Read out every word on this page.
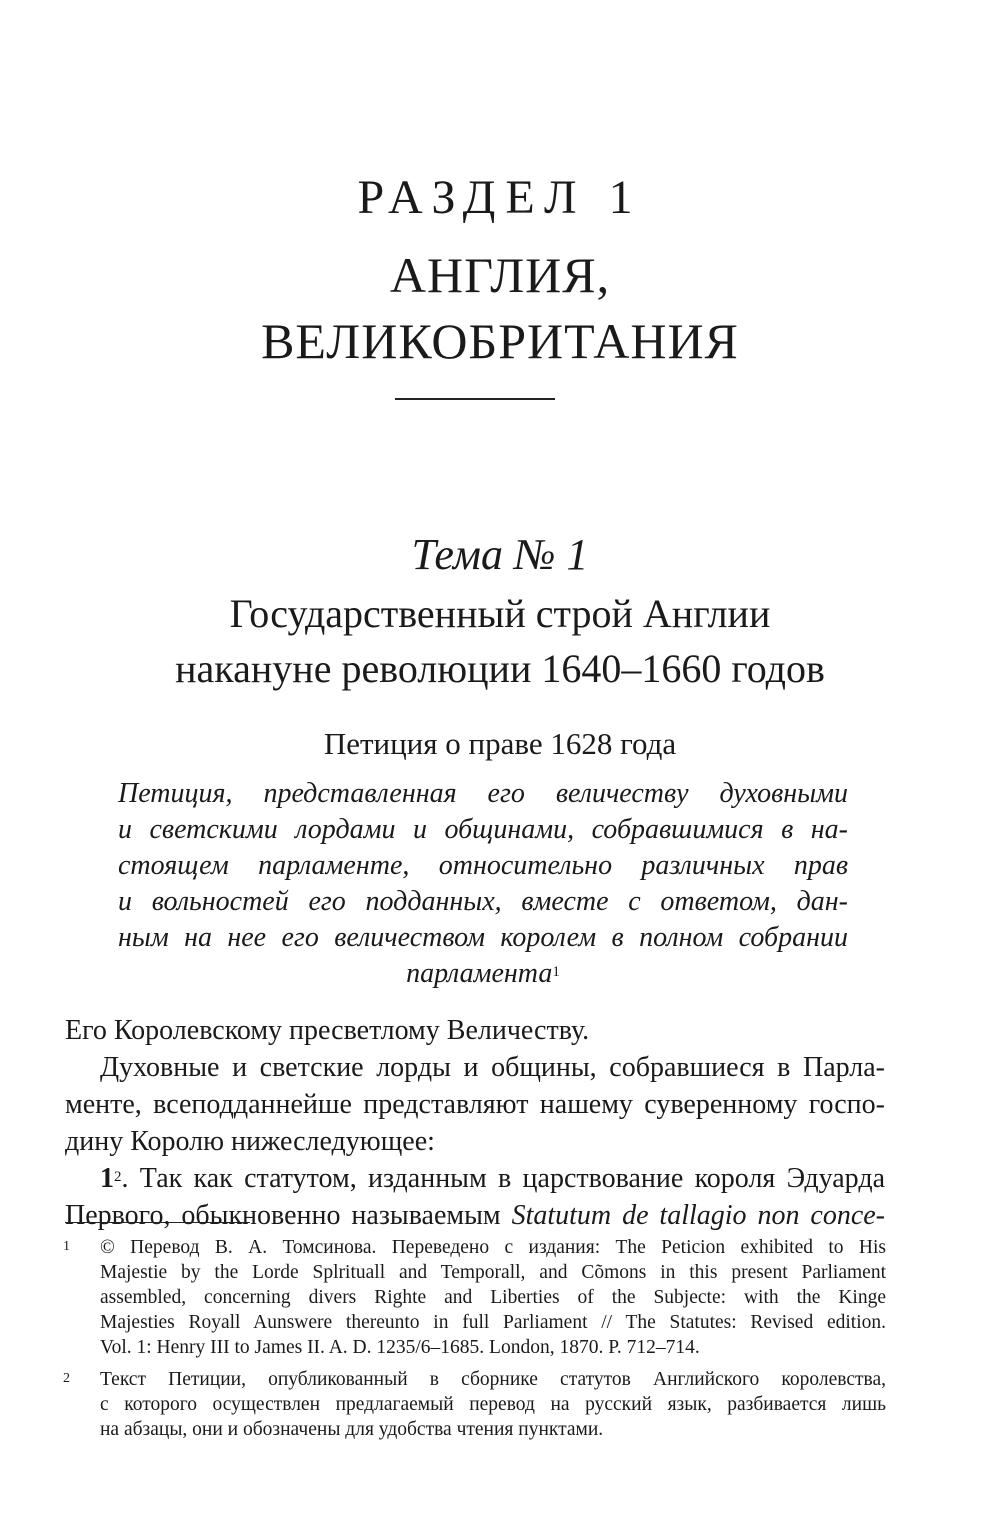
РАЗДЕЛ 1
АНГЛИЯ,
ВЕЛИКОБРИТАНИЯ
Тема № 1
Государственный строй Англии
накануне революции 1640–1660 годов
Петиция о праве 1628 года
Петиция, представленная его величеству духовными
и светскими лордами и общинами, собравшимися в на-
стоящем парламенте, относительно различных прав
и вольностей его подданных, вместе с ответом, дан-
ным на нее его величеством королем в полном собрании
парламента$^1$
Его Королевскому пресветлому Величеству.
Духовные и светские лорды и общины, собравшиеся в Парла-
менте, всеподданнейше представляют нашему суверенному госпо-
дину Королю нижеследующее:
$1^2$. Так как статутом, изданным в царствование короля Эдуарда
Первого, обыкновенно называемым Statutum de tallagio non conce-
1 © Перевод В. А. Томсинова. Переведено с издания: The Peticion exhibited to His
Majestie by the Lorde Splrituall and Temporall, and Cõmons in this present Parliament
assembled, concerning divers Righte and Liberties of the Subjecte: with the Kinge
Majesties Royall Aunswere thereunto in full Parliament // The Statutes: Revised edition.
Vol. 1: Henry III to James II. A. D. 1235/6–1685. London, 1870. P. 712–714.
2 Текст Петиции, опубликованный в сборнике статутов Английского королевства,
с которого осуществлен предлагаемый перевод на русский язык, разбивается лишь
на абзацы, они и обозначены для удобства чтения пунктами.
